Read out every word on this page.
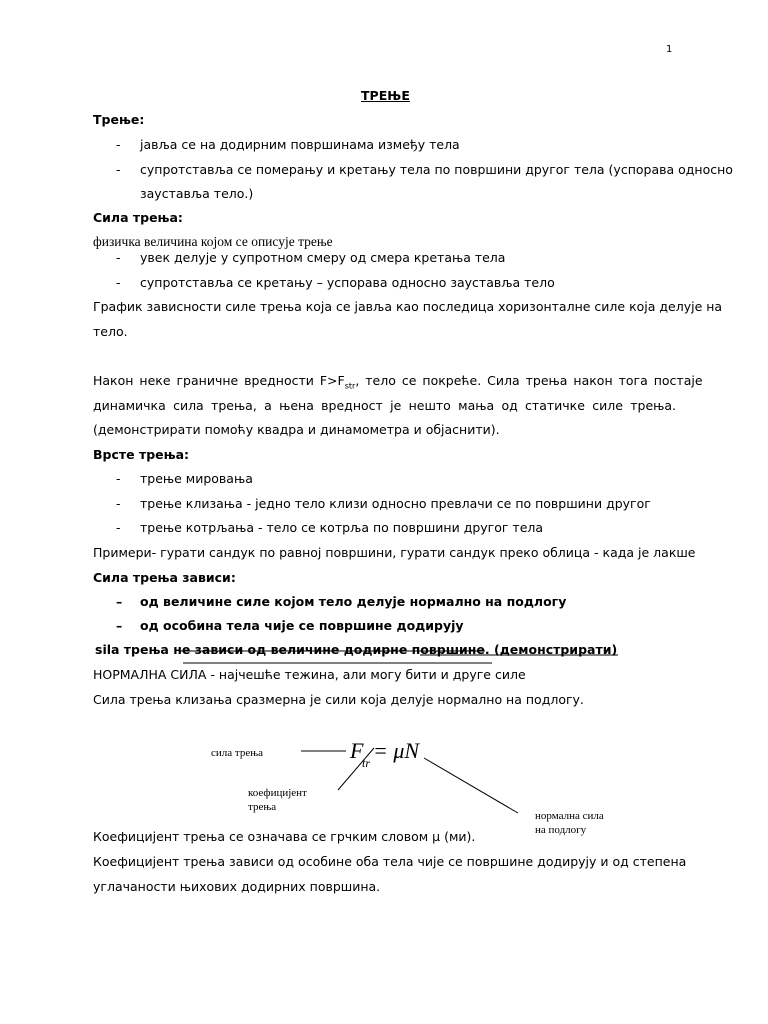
1
ТРЕЊЕ
Трење:
- јавља се на додирним површинама између тела
- супротставља се померању и кретању тела по површини другог тела (успорава односно
зауставља тело.)
Сила трења:
физичка величина којом се описује трење
- увек делује у супротном смеру од смера кретања тела
- супротставља се кретању – успорава односно зауставља тело
График зависности силе трења која се јавља као последица хоризонталне силе која делује на
тело.
Након неке граничне вредности $F>F_{str}$, тело се покреће. Сила трења након тога постаје
динамичка сила трења, а њена вредност је нешто мања од статичке силе трења.
(демонстрирати помоћу квадра и динамометра и објаснити).
Врсте трења:
- трење мировања
- трење клизања - једно тело клизи односно превлачи се по површини другог
- трење котрљања - тело се котрља по површини другог тела
Примери- гурати сандук по равној површини, гурати сандук преко облица - када је лакше
Сила трења зависи:
– од величине силе којом тело делује нормално на подлогу
– од особина тела чије се површине додирују
sila трења не зависи од величине додирне површине. (демонстрирати)
НОРМАЛНА СИЛА - најчешће тежина, али могу бити и друге силе
Сила трења клизања сразмерна је сили која делује нормално на подлогу.
сила трења	F
tr = μN
коефицијент
трења
нормална сила
на подлогу
Коефицијент трења се означава се грчким словом μ (ми).
Коефицијент трења зависи од особине оба тела чије се површине додирују и од степена
углачаности њихових додирних површина.
